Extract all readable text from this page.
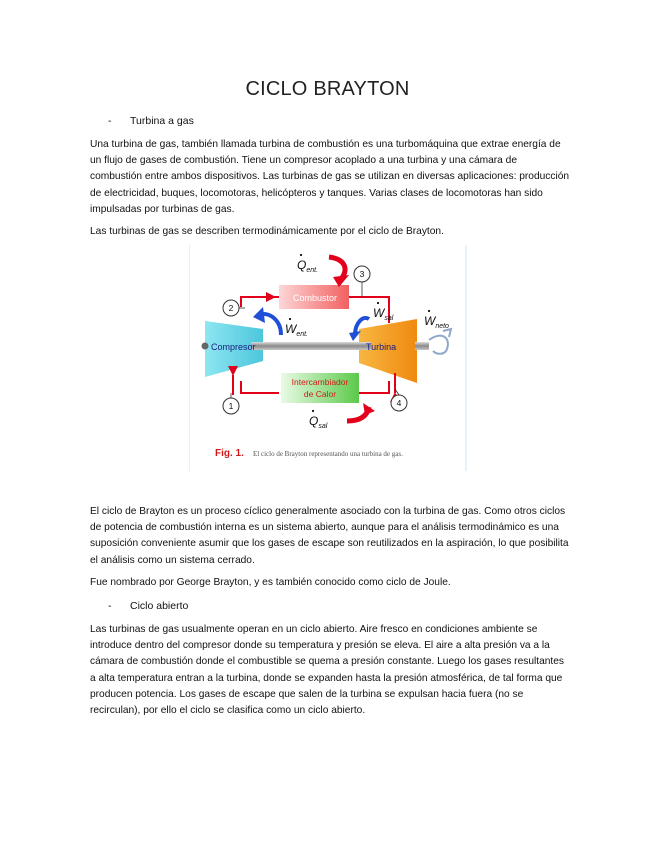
CICLO BRAYTON
- Turbina a gas

Una turbina de gas, también llamada turbina de combustión es una turbomáquina que extrae energía de un flujo de gases de combustión. Tiene un compresor acoplado a una turbina y una cámara de combustión entre ambos dispositivos. Las turbinas de gas se utilizan en diversas aplicaciones: producción de electricidad, buques, locomotoras, helicópteros y tanques. Varias clases de locomotoras han sido impulsadas por turbinas de gas.

Las turbinas de gas se describen termodinámicamente por el ciclo de Brayton.

Combustor
Intercambiador
de Calor
Compresor	Turbina
2
3
1	4
$Q_{ent.}$
$W_{ent.}$
$W_{sal}$	$W_{neto}$
$Q_{sal}$
Fig. 1. El ciclo de Brayton representando una turbina de gas.

El ciclo de Brayton es un proceso cíclico generalmente asociado con la turbina de gas. Como otros ciclos de potencia de combustión interna es un sistema abierto, aunque para el análisis termodinámico es una suposición conveniente asumir que los gases de escape son reutilizados en la aspiración, lo que posibilita el análisis como un sistema cerrado.

Fue nombrado por George Brayton, y es también conocido como ciclo de Joule.

- Ciclo abierto

Las turbinas de gas usualmente operan en un ciclo abierto. Aire fresco en condiciones ambiente se introduce dentro del compresor donde su temperatura y presión se eleva. El aire a alta presión va a la cámara de combustión donde el combustible se quema a presión constante. Luego los gases resultantes a alta temperatura entran a la turbina, donde se expanden hasta la presión atmosférica, de tal forma que producen potencia. Los gases de escape que salen de la turbina se expulsan hacia fuera (no se recirculan), por ello el ciclo se clasifica como un ciclo abierto.
